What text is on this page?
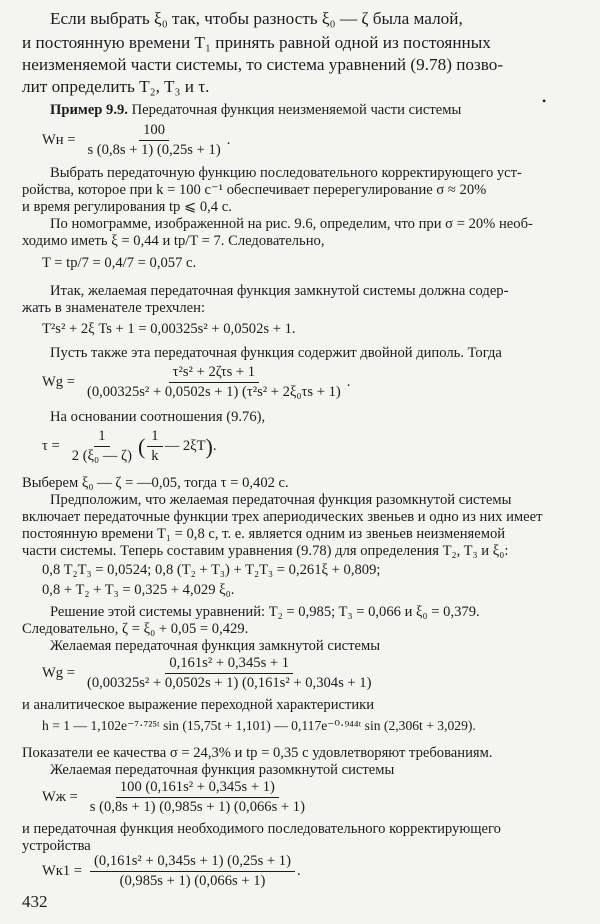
Если выбрать ξ₀ так, чтобы разность ξ₀ — ζ была малой,

и постоянную времени T₁ принять равной одной из постоянных

неизменяемой части системы, то система уравнений (9.78) позво-

лит определить T₂, T₃ и τ.

•

Пример 9.9. Передаточная функция неизменяемой части системы

Wн = $\frac{100}{s (0,8s + 1) (0,25s + 1)}$ .

Выбрать передаточную функцию последовательного корректирующего уст-

ройства, которое при k = 100 с⁻¹ обеспечивает перерегулирование σ ≈ 20%

и время регулирования tр ⩽ 0,4 с.

По номограмме, изображенной на рис. 9.6, определим, что при σ = 20% необ-

ходимо иметь ξ = 0,44 и tр/T = 7. Следовательно,

T = tр/7 = 0,4/7 = 0,057 с.

Итак, желаемая передаточная функция замкнутой системы должна содер-

жать в знаменателе трехчлен:

T²s² + 2ξ Ts + 1 = 0,00325s² + 0,0502s + 1.

Пусть также эта передаточная функция содержит двойной диполь. Тогда

$Wg = \frac{\text{τ²s² + 2ζτs + 1}}{\text{(0,00325s² + 0,0502s + 1) (τ²s² + 2ξ₀τs + 1)}}$ .

На основании соотношения (9.76),

$\tau = \frac{1}{\text{2 (ξ₀ — ζ)}}$ ( $\frac{1}{k}$ — 2ξT ) .

Выберем ξ₀ — ζ = —0,05, тогда τ = 0,402 с.

Предположим, что желаемая передаточная функция разомкнутой системы

включает передаточные функции трех апериодических звеньев и одно из них имеет

постоянную времени T₁ = 0,8 с, т. е. является одним из звеньев неизменяемой

части системы. Теперь составим уравнения (9.78) для определения T₂, T₃ и ξ₀:

0,8 T₂T₃ = 0,0524; 0,8 (T₂ + T₃) + T₂T₃ = 0,261ξ + 0,809;
0,8 + T₂ + T₃ = 0,325 + 4,029 ξ₀.

Решение этой системы уравнений: T₂ = 0,985; T₃ = 0,066 и ξ₀ = 0,379.

Следовательно, ζ = ξ₀ + 0,05 = 0,429.

Желаемая передаточная функция замкнутой системы

$Wg = \frac{\text{0,161s² + 0,345s + 1}}{\text{(0,00325s² + 0,0502s + 1) (0,161s² + 0,304s + 1)}}$

и аналитическое выражение переходной характеристики

h = 1 — 1,102e⁻⁷·⁷²⁵ᵗ sin (15,75t + 1,101) — 0,117e⁻⁰·⁹⁴⁴ᵗ sin (2,306t + 3,029).

Показатели ее качества σ = 24,3% и tр = 0,35 с удовлетворяют требованиям.

Желаемая передаточная функция разомкнутой системы

Wж = $\frac{\text{100 (0,161s² + 0,345s + 1)}}{s (0,8s + 1) (0,985s + 1) (0,066s + 1)}$

и передаточная функция необходимого последовательного корректирующего

устройства

$Wк1 = \frac{\text{(0,161s² + 0,345s + 1) (0,25s + 1)}}{(0,985s + 1) (0,066s + 1)}$ .
432
